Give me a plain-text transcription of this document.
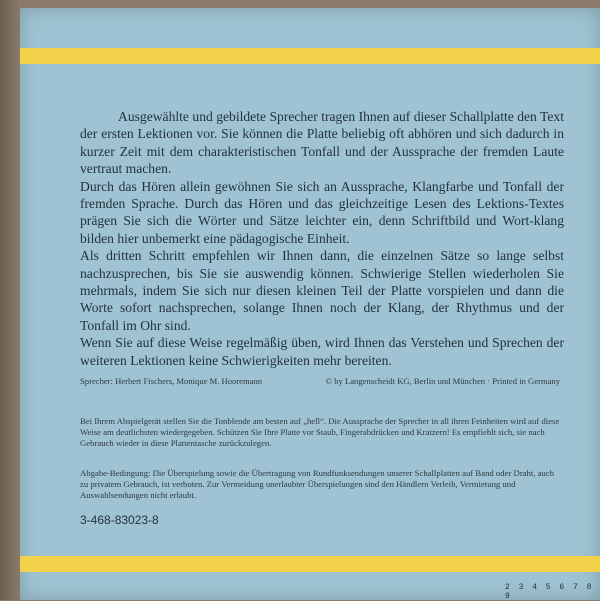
Ausgewählte und gebildete Sprecher tragen Ihnen auf dieser Schallplatte den Text der ersten Lektionen vor. Sie können die Platte beliebig oft abhören und sich dadurch in kurzer Zeit mit dem charakteristischen Tonfall und der Aussprache der fremden Laute vertraut machen.

Durch das Hören allein gewöhnen Sie sich an Aussprache, Klangfarbe und Tonfall der fremden Sprache. Durch das Hören und das gleichzeitige Lesen des Lektions-Textes prägen Sie sich die Wörter und Sätze leichter ein, denn Schriftbild und Wort-klang bilden hier unbemerkt eine pädagogische Einheit.

Als dritten Schritt empfehlen wir Ihnen dann, die einzelnen Sätze so lange selbst nachzusprechen, bis Sie sie auswendig können. Schwierige Stellen wiederholen Sie mehrmals, indem Sie sich nur diesen kleinen Teil der Platte vorspielen und dann die Worte sofort nachsprechen, solange Ihnen noch der Klang, der Rhythmus und der Tonfall im Ohr sind.

Wenn Sie auf diese Weise regelmäßig üben, wird Ihnen das Verstehen und Sprechen der weiteren Lektionen keine Schwierigkeiten mehr bereiten.

Sprecher: Herbert Fischers, Monique M. Hooremann	© by Langenscheidt KG, Berlin und München · Printed in Germany

Bei Ihrem Abspielgerät stellen Sie die Tonblende am besten auf „hell“. Die Aussprache der Sprecher in all ihren Feinheiten wird auf diese Weise am deutlichsten wiedergegeben. Schützen Sie Ihre Platte vor Staub, Fingerabdrücken und Kratzern! Es empfiehlt sich, sie nach Gebrauch wieder in diese Plattentasche zurückzulegen.

Abgabe-Bedingung: Die Überspielung sowie die Übertragung von Rundfunksendungen unserer Schallplatten auf Band oder Draht, auch zu privatem Gebrauch, ist verboten. Zur Vermeidung unerlaubter Überspielungen sind den Händlern Verleih, Vermietung und Auswahlsendungen nicht erlaubt.

3-468-83023-8
2 3 4 5 6 7 8 9
